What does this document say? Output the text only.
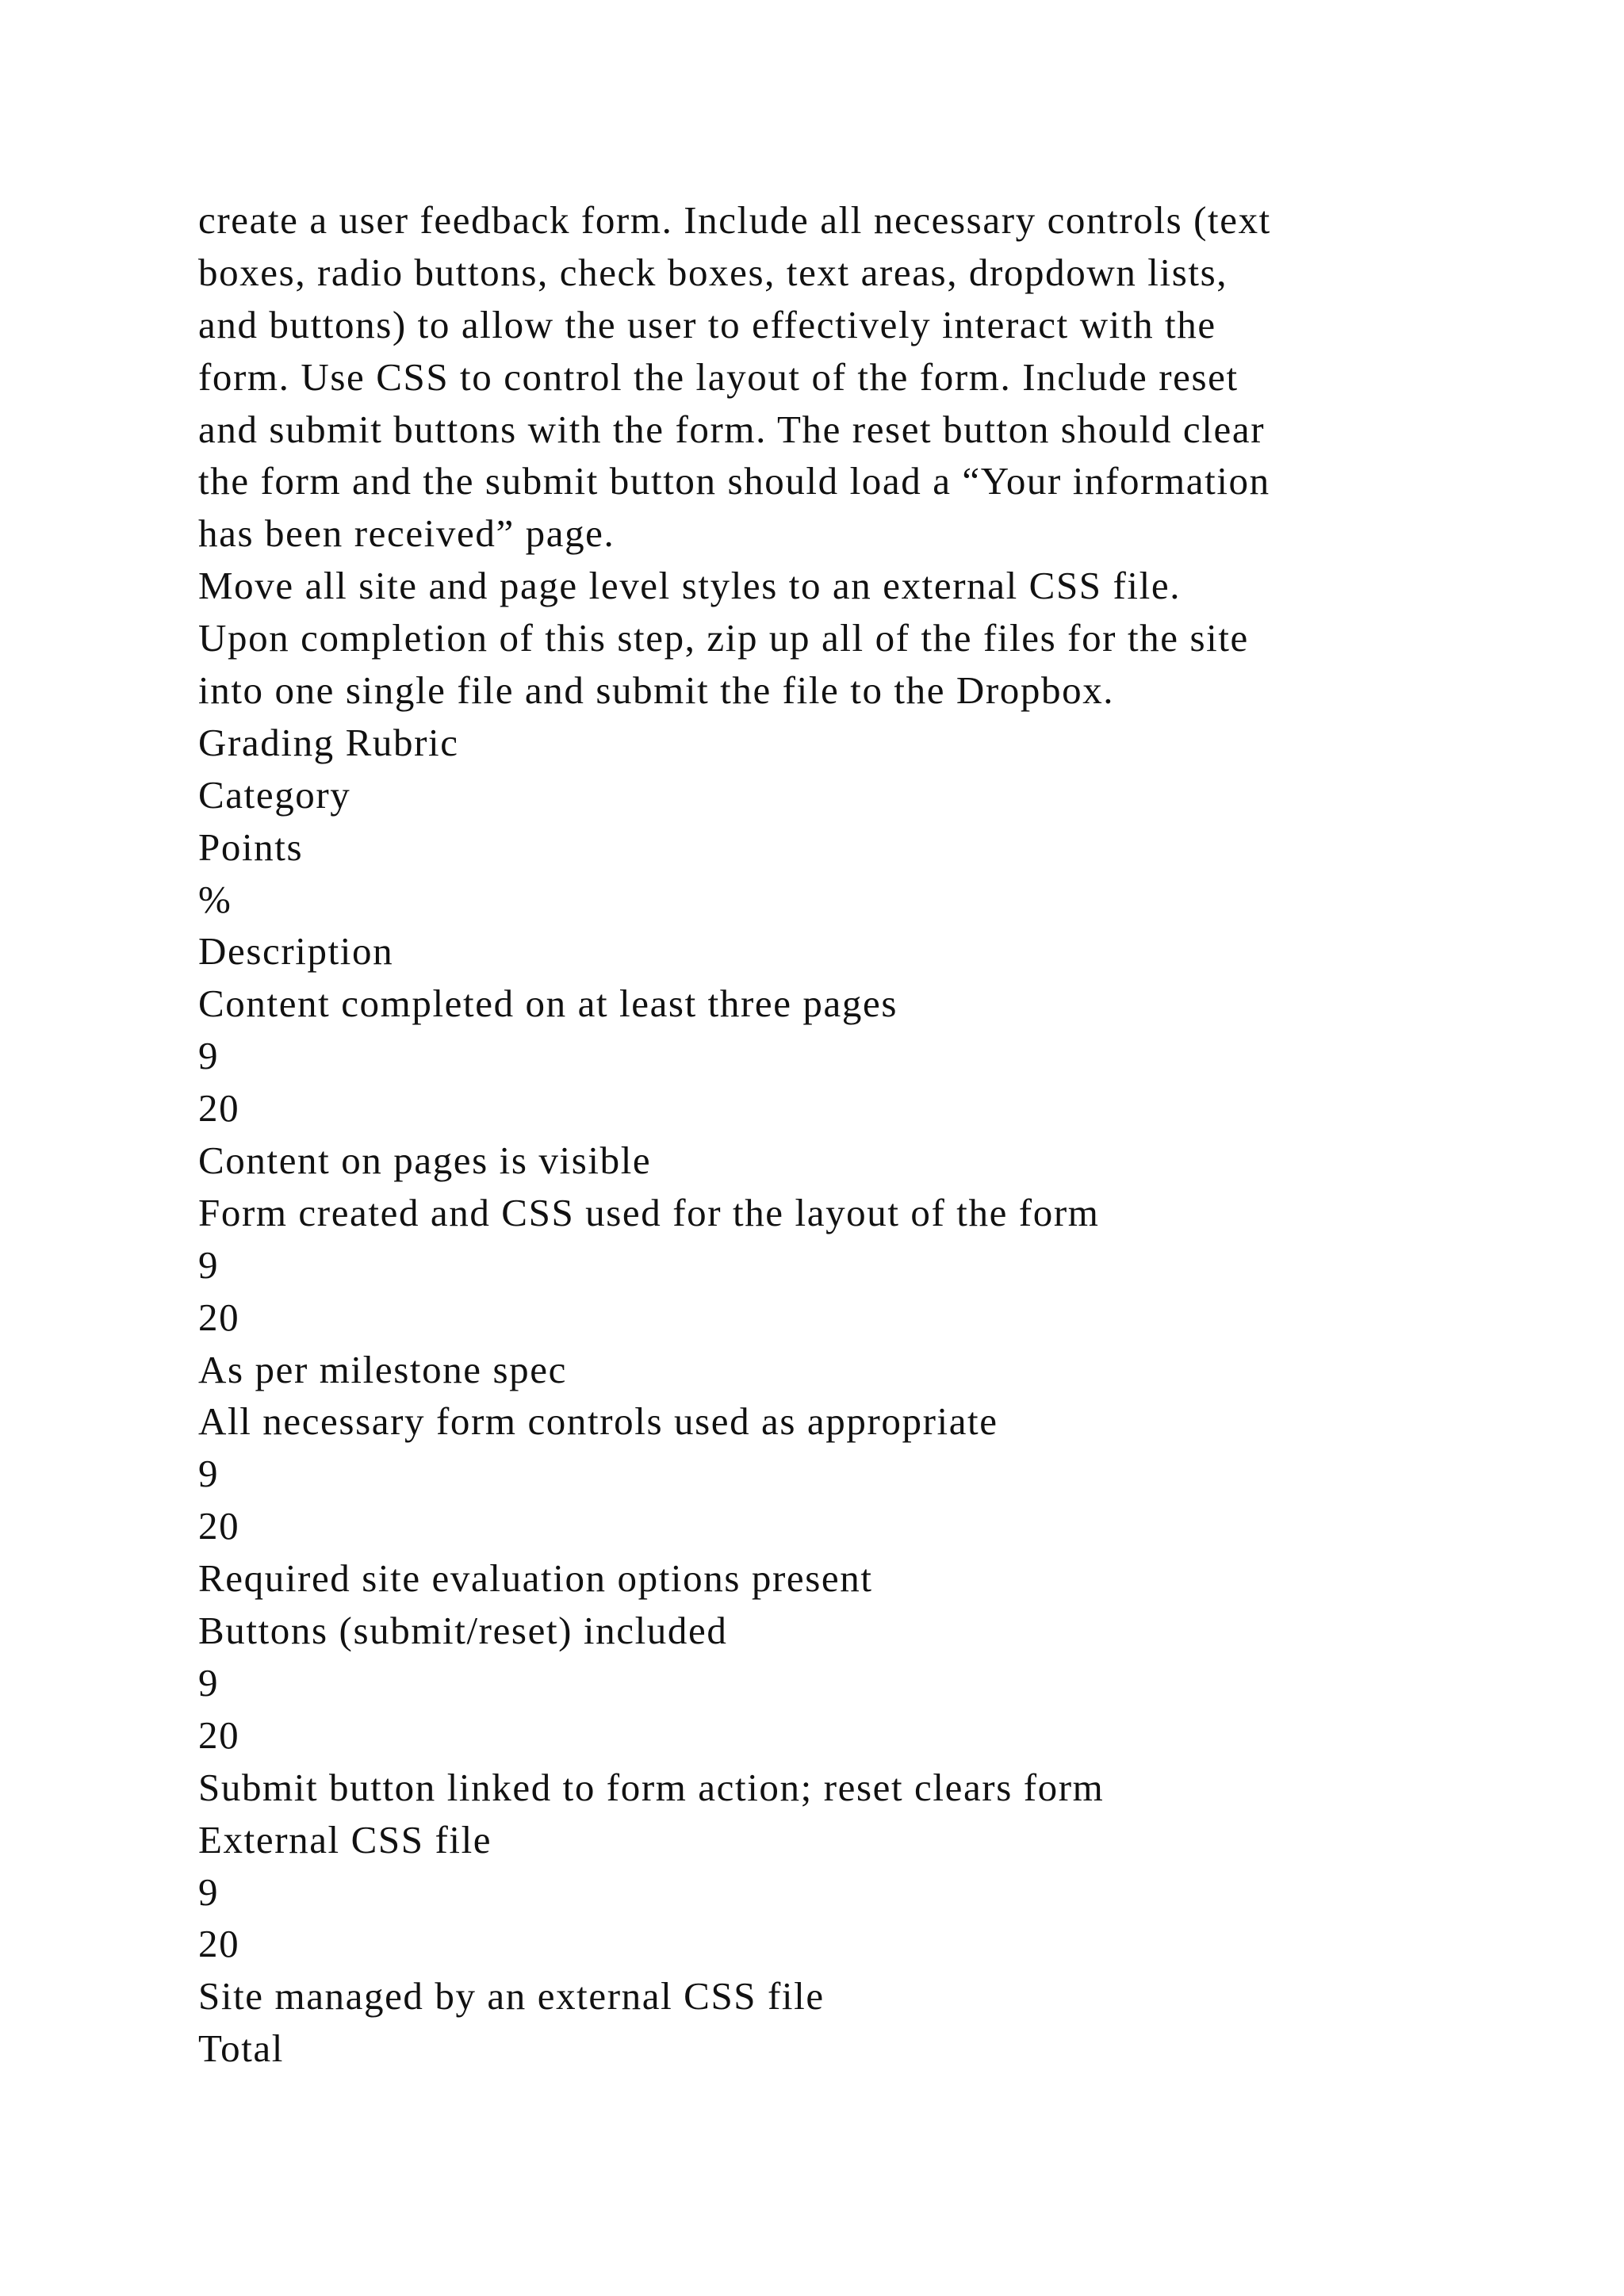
create a user feedback form. Include all necessary controls (text
boxes, radio buttons, check boxes, text areas, dropdown lists,
and buttons) to allow the user to effectively interact with the
form. Use CSS to control the layout of the form. Include reset
and submit buttons with the form. The reset button should clear
the form and the submit button should load a “Your information
has been received” page.
Move all site and page level styles to an external CSS file.
Upon completion of this step, zip up all of the files for the site
into one single file and submit the file to the Dropbox.
Grading Rubric
Category
Points
%
Description
Content completed on at least three pages
9
20
Content on pages is visible
Form created and CSS used for the layout of the form
9
20
As per milestone spec
All necessary form controls used as appropriate
9
20
Required site evaluation options present
Buttons (submit/reset) included
9
20
Submit button linked to form action; reset clears form
External CSS file
9
20
Site managed by an external CSS file
Total
